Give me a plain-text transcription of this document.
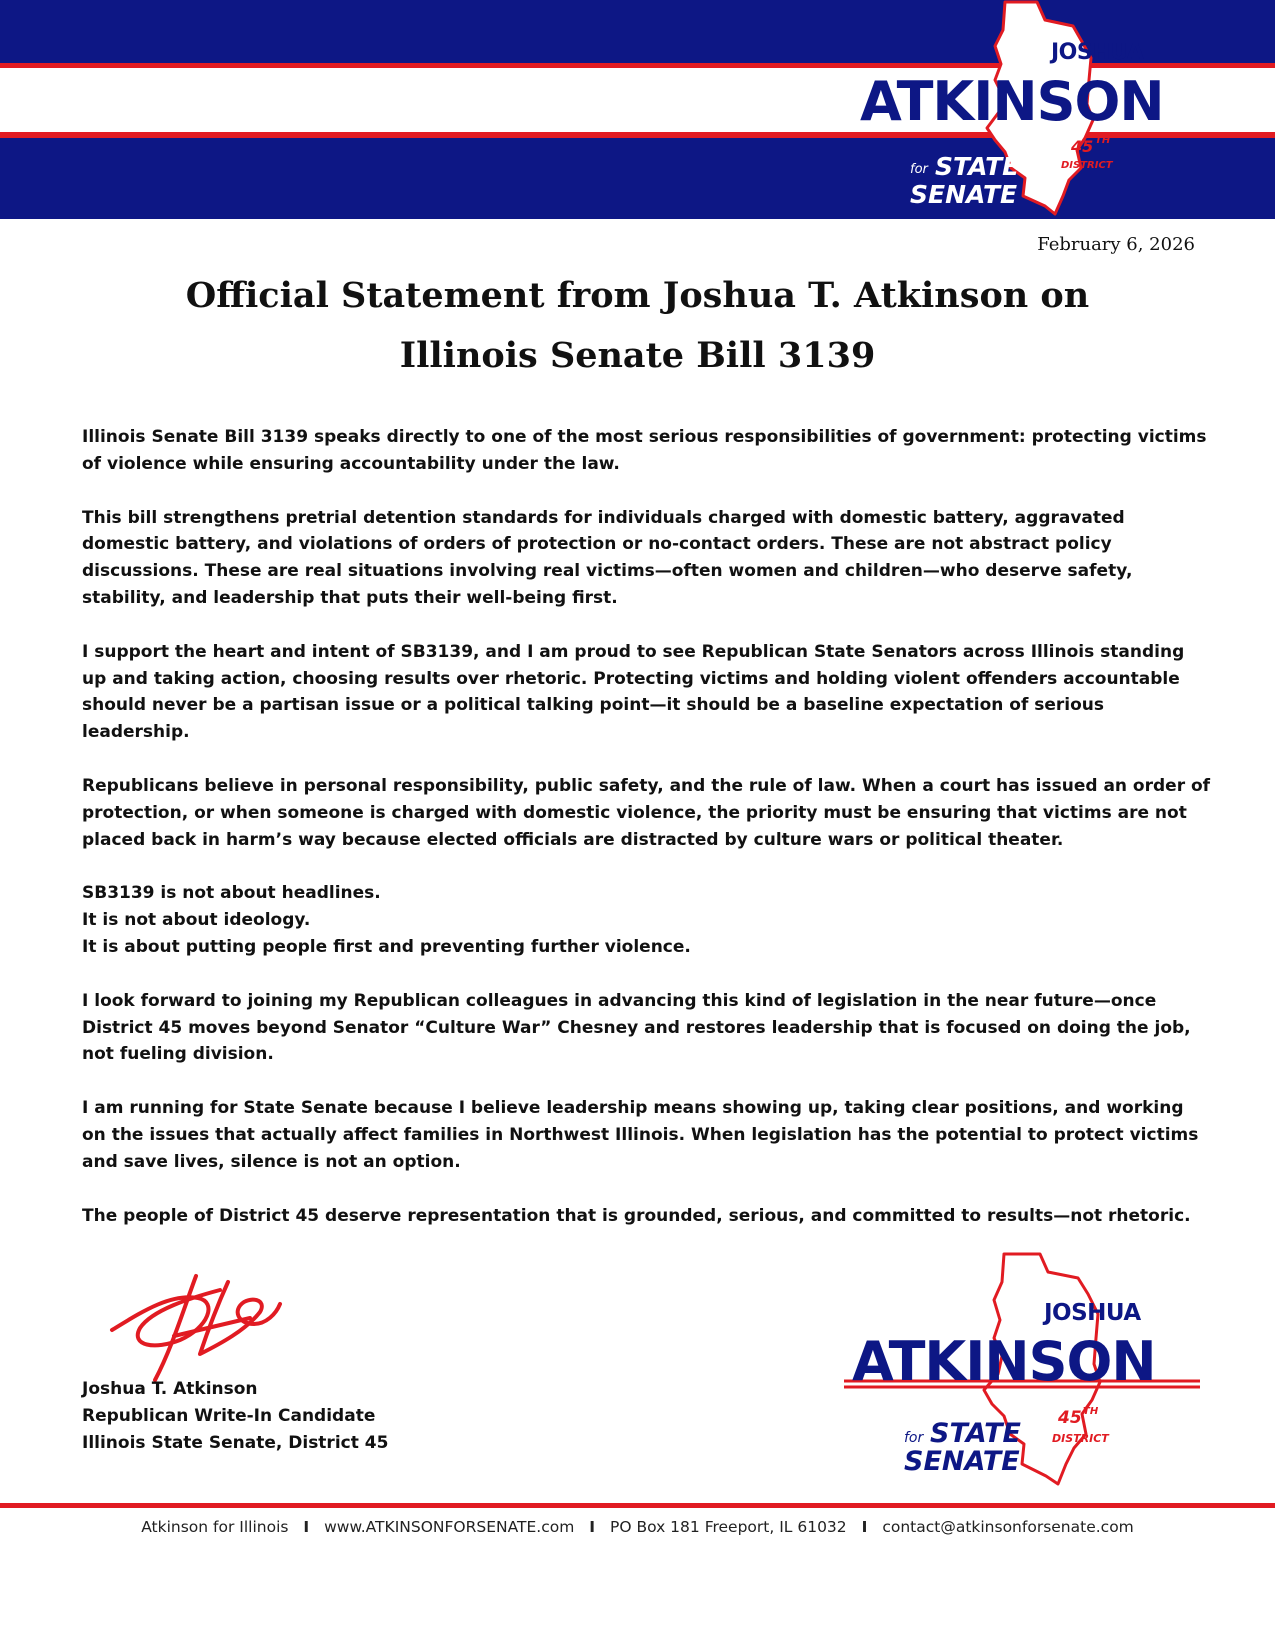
JOSHUA
ATKINSON
for STATE
SENATE
45 TH
DISTRICT
February 6, 2026
Official Statement from Joshua T. Atkinson on
Illinois Senate Bill 3139

Illinois Senate Bill 3139 speaks directly to one of the most serious responsibilities of government: protecting victims of violence while ensuring accountability under the law.

This bill strengthens pretrial detention standards for individuals charged with domestic battery, aggravated domestic battery, and violations of orders of protection or no-contact orders. These are not abstract policy discussions. These are real situations involving real victims—often women and children—who deserve safety, stability, and leadership that puts their well-being first.

I support the heart and intent of SB3139, and I am proud to see Republican State Senators across Illinois standing up and taking action, choosing results over rhetoric. Protecting victims and holding violent offenders accountable should never be a partisan issue or a political talking point—it should be a baseline expectation of serious leadership.

Republicans believe in personal responsibility, public safety, and the rule of law. When a court has issued an order of protection, or when someone is charged with domestic violence, the priority must be ensuring that victims are not placed back in harm’s way because elected officials are distracted by culture wars or political theater.

SB3139 is not about headlines.
It is not about ideology.
It is about putting people first and preventing further violence.

I look forward to joining my Republican colleagues in advancing this kind of legislation in the near future—once District 45 moves beyond Senator “Culture War” Chesney and restores leadership that is focused on doing the job, not fueling division.

I am running for State Senate because I believe leadership means showing up, taking clear positions, and working on the issues that actually affect families in Northwest Illinois. When legislation has the potential to protect victims and save lives, silence is not an option.

The people of District 45 deserve representation that is grounded, serious, and committed to results—not rhetoric.

Joshua T. Atkinson
Republican Write-In Candidate
Illinois State Senate, District 45
JOSHUA
ATKINSON
for STATE
SENATE
45 TH
DISTRICT
Atkinson for Illinois I www.ATKINSONFORSENATE.com I PO Box 181 Freeport, IL 61032 I contact@atkinsonforsenate.com
